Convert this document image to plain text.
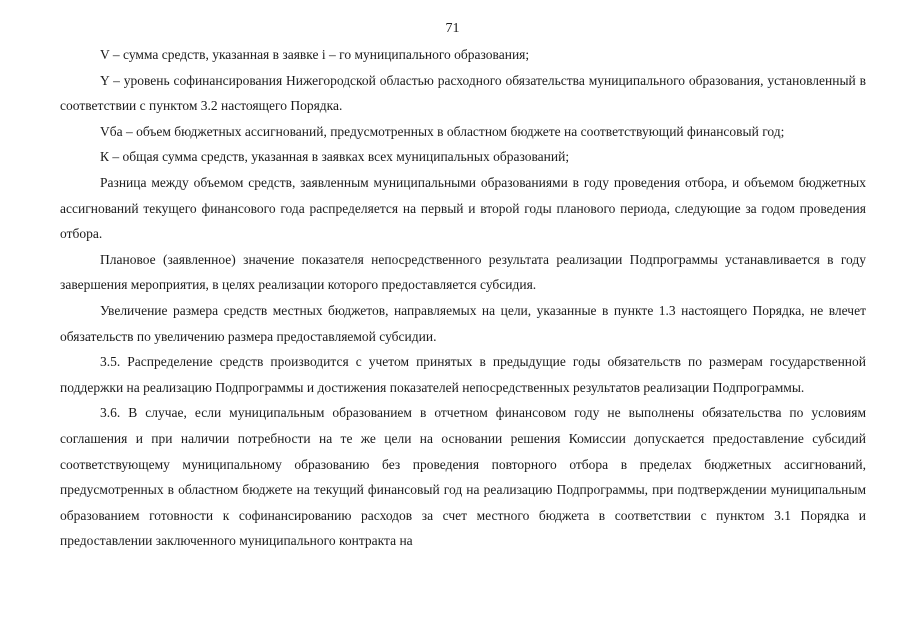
71

V – сумма средств, указанная в заявке i – го муниципального образования;

Y – уровень софинансирования Нижегородской областью расходного обязательства муниципального образования, установленный в соответствии с пунктом 3.2 настоящего Порядка.

Vба – объем бюджетных ассигнований, предусмотренных в областном бюджете на соответствующий финансовый год;

К – общая сумма средств, указанная в заявках всех муниципальных образований;

Разница между объемом средств, заявленным муниципальными образованиями в году проведения отбора, и объемом бюджетных ассигнований текущего финансового года распределяется на первый и второй годы планового периода, следующие за годом проведения отбора.

Плановое (заявленное) значение показателя непосредственного результата реализации Подпрограммы устанавливается в году завершения мероприятия, в целях реализации которого предоставляется субсидия.

Увеличение размера средств местных бюджетов, направляемых на цели, указанные в пункте 1.3 настоящего Порядка, не влечет обязательств по увеличению размера предоставляемой субсидии.

3.5. Распределение средств производится с учетом принятых в предыдущие годы обязательств по размерам государственной поддержки на реализацию Подпрограммы и достижения показателей непосредственных результатов реализации Подпрограммы.

3.6. В случае, если муниципальным образованием в отчетном финансовом году не выполнены обязательства по условиям соглашения и при наличии потребности на те же цели на основании решения Комиссии допускается предоставление субсидий соответствующему муниципальному образованию без проведения повторного отбора в пределах бюджетных ассигнований, предусмотренных в областном бюджете на текущий финансовый год на реализацию Подпрограммы, при подтверждении муниципальным образованием готовности к софинансированию расходов за счет местного бюджета в соответствии с пунктом 3.1 Порядка и предоставлении заключенного муниципального контракта на
